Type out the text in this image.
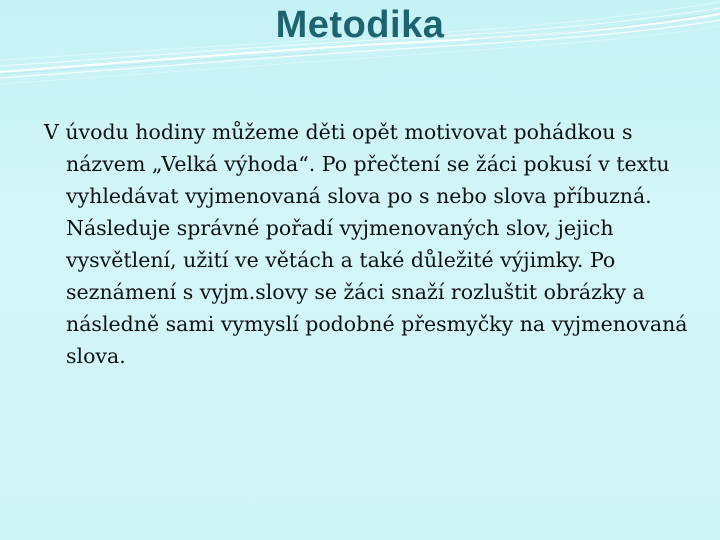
Metodika

V úvodu hodiny můžeme děti opět motivovat pohádkou s názvem „Velká výhoda“. Po přečtení se žáci pokusí v textu vyhledávat vyjmenovaná slova po s nebo slova příbuzná. Následuje správné pořadí vyjmenovaných slov, jejich vysvětlení, užití ve větách a také důležité výjimky. Po seznámení s vyjm.slovy se žáci snaží rozluštit obrázky a následně sami vymyslí podobné přesmyčky na vyjmenovaná slova.
